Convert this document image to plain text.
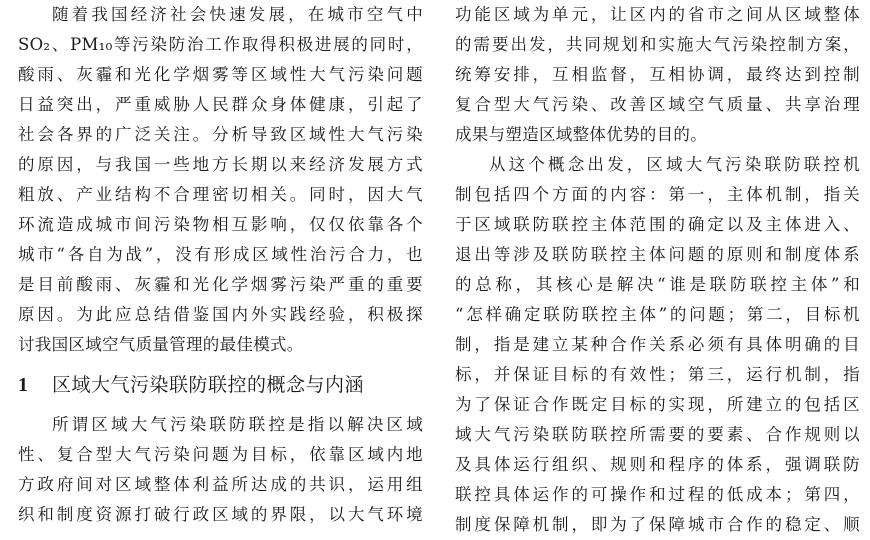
随着我国经济社会快速发展，在城市空气中
SO₂、PM₁₀等污染防治工作取得积极进展的同时，
酸雨、灰霾和光化学烟雾等区域性大气污染问题
日益突出，严重威胁人民群众身体健康，引起了
社会各界的广泛关注。分析导致区域性大气污染
的原因，与我国一些地方长期以来经济发展方式
粗放、产业结构不合理密切相关。同时，因大气
环流造成城市间污染物相互影响，仅仅依靠各个
城市“各自为战”，没有形成区域性治污合力，也
是目前酸雨、灰霾和光化学烟雾污染严重的重要
原因。为此应总结借鉴国内外实践经验，积极探
讨我国区域空气质量管理的最佳模式。
1 区域大气污染联防联控的概念与内涵
所谓区域大气污染联防联控是指以解决区域
性、复合型大气污染问题为目标，依靠区域内地
方政府间对区域整体利益所达成的共识，运用组
织和制度资源打破行政区域的界限，以大气环境
功能区域为单元，让区内的省市之间从区域整体
的需要出发，共同规划和实施大气污染控制方案，
统筹安排，互相监督，互相协调，最终达到控制
复合型大气污染、改善区域空气质量、共享治理
成果与塑造区域整体优势的目的。
从这个概念出发，区域大气污染联防联控机
制包括四个方面的内容：第一，主体机制，指关
于区域联防联控主体范围的确定以及主体进入、
退出等涉及联防联控主体问题的原则和制度体系
的总称，其核心是解决“谁是联防联控主体”和
“怎样确定联防联控主体”的问题；第二，目标机
制，指是建立某种合作关系必须有具体明确的目
标，并保证目标的有效性；第三，运行机制，指
为了保证合作既定目标的实现，所建立的包括区
域大气污染联防联控所需要的要素、合作规则以
及具体运行组织、规则和程序的体系，强调联防
联控具体运作的可操作和过程的低成本；第四，
制度保障机制，即为了保障城市合作的稳定、顺
